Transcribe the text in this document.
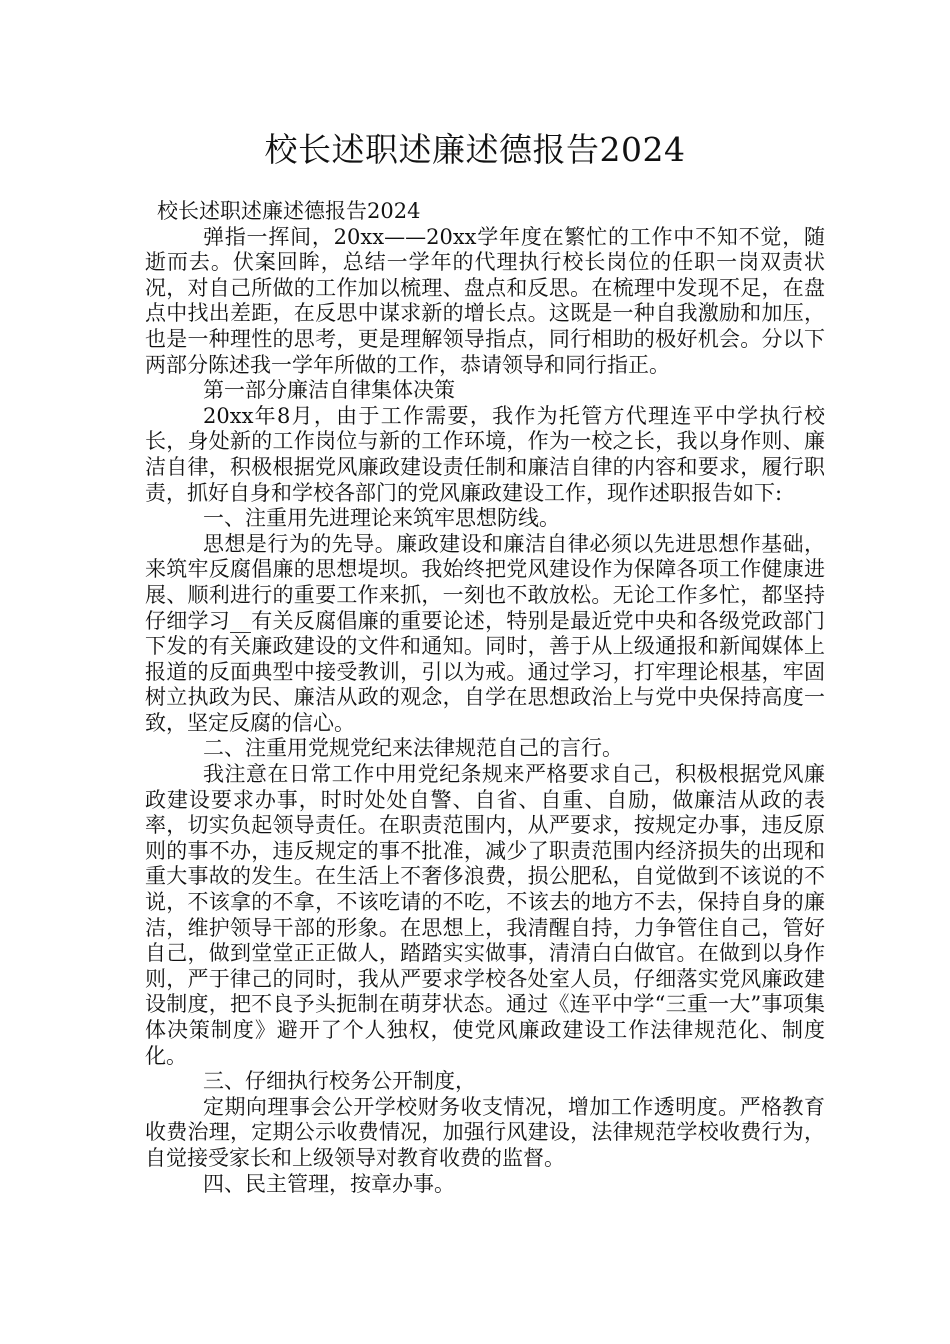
校长述职述廉述德报告2024

校长述职述廉述德报告2024

弹指一挥间，20xx——20xx学年度在繁忙的工作中不知不觉，随逝而去。伏案回眸，总结一学年的代理执行校长岗位的任职一岗双责状况，对自己所做的工作加以梳理、盘点和反思。在梳理中发现不足，在盘点中找出差距，在反思中谋求新的增长点。这既是一种自我激励和加压，也是一种理性的思考，更是理解领导指点，同行相助的极好机会。分以下两部分陈述我一学年所做的工作，恭请领导和同行指正。

第一部分廉洁自律集体决策

20xx年8月，由于工作需要，我作为托管方代理连平中学执行校长，身处新的工作岗位与新的工作环境，作为一校之长，我以身作则、廉洁自律，积极根据党风廉政建设责任制和廉洁自律的内容和要求，履行职责，抓好自身和学校各部门的党风廉政建设工作，现作述职报告如下:

一、注重用先进理论来筑牢思想防线。

思想是行为的先导。廉政建设和廉洁自律必须以先进思想作基础，来筑牢反腐倡廉的思想堤坝。我始终把党风建设作为保障各项工作健康进展、顺利进行的重要工作来抓，一刻也不敢放松。无论工作多忙，都坚持仔细学习__有关反腐倡廉的重要论述，特别是最近党中央和各级党政部门下发的有关廉政建设的文件和通知。同时，善于从上级通报和新闻媒体上报道的反面典型中接受教训，引以为戒。通过学习，打牢理论根基，牢固树立执政为民、廉洁从政的观念，自学在思想政治上与党中央保持高度一致，坚定反腐的信心。

二、注重用党规党纪来法律规范自己的言行。

我注意在日常工作中用党纪条规来严格要求自己，积极根据党风廉政建设要求办事，时时处处自警、自省、自重、自励，做廉洁从政的表率，切实负起领导责任。在职责范围内，从严要求，按规定办事，违反原则的事不办，违反规定的事不批准，减少了职责范围内经济损失的出现和重大事故的发生。在生活上不奢侈浪费，损公肥私，自觉做到不该说的不说，不该拿的不拿，不该吃请的不吃，不该去的地方不去，保持自身的廉洁，维护领导干部的形象。在思想上，我清醒自持，力争管住自己，管好自己，做到堂堂正正做人，踏踏实实做事，清清白白做官。在做到以身作则，严于律己的同时，我从严要求学校各处室人员，仔细落实党风廉政建设制度，把不良予头扼制在萌芽状态。通过《连平中学“三重一大”事项集体决策制度》避开了个人独权，使党风廉政建设工作法律规范化、制度化。

三、仔细执行校务公开制度，

定期向理事会公开学校财务收支情况，增加工作透明度。严格教育收费治理，定期公示收费情况，加强行风建设，法律规范学校收费行为，自觉接受家长和上级领导对教育收费的监督。

四、民主管理，按章办事。
